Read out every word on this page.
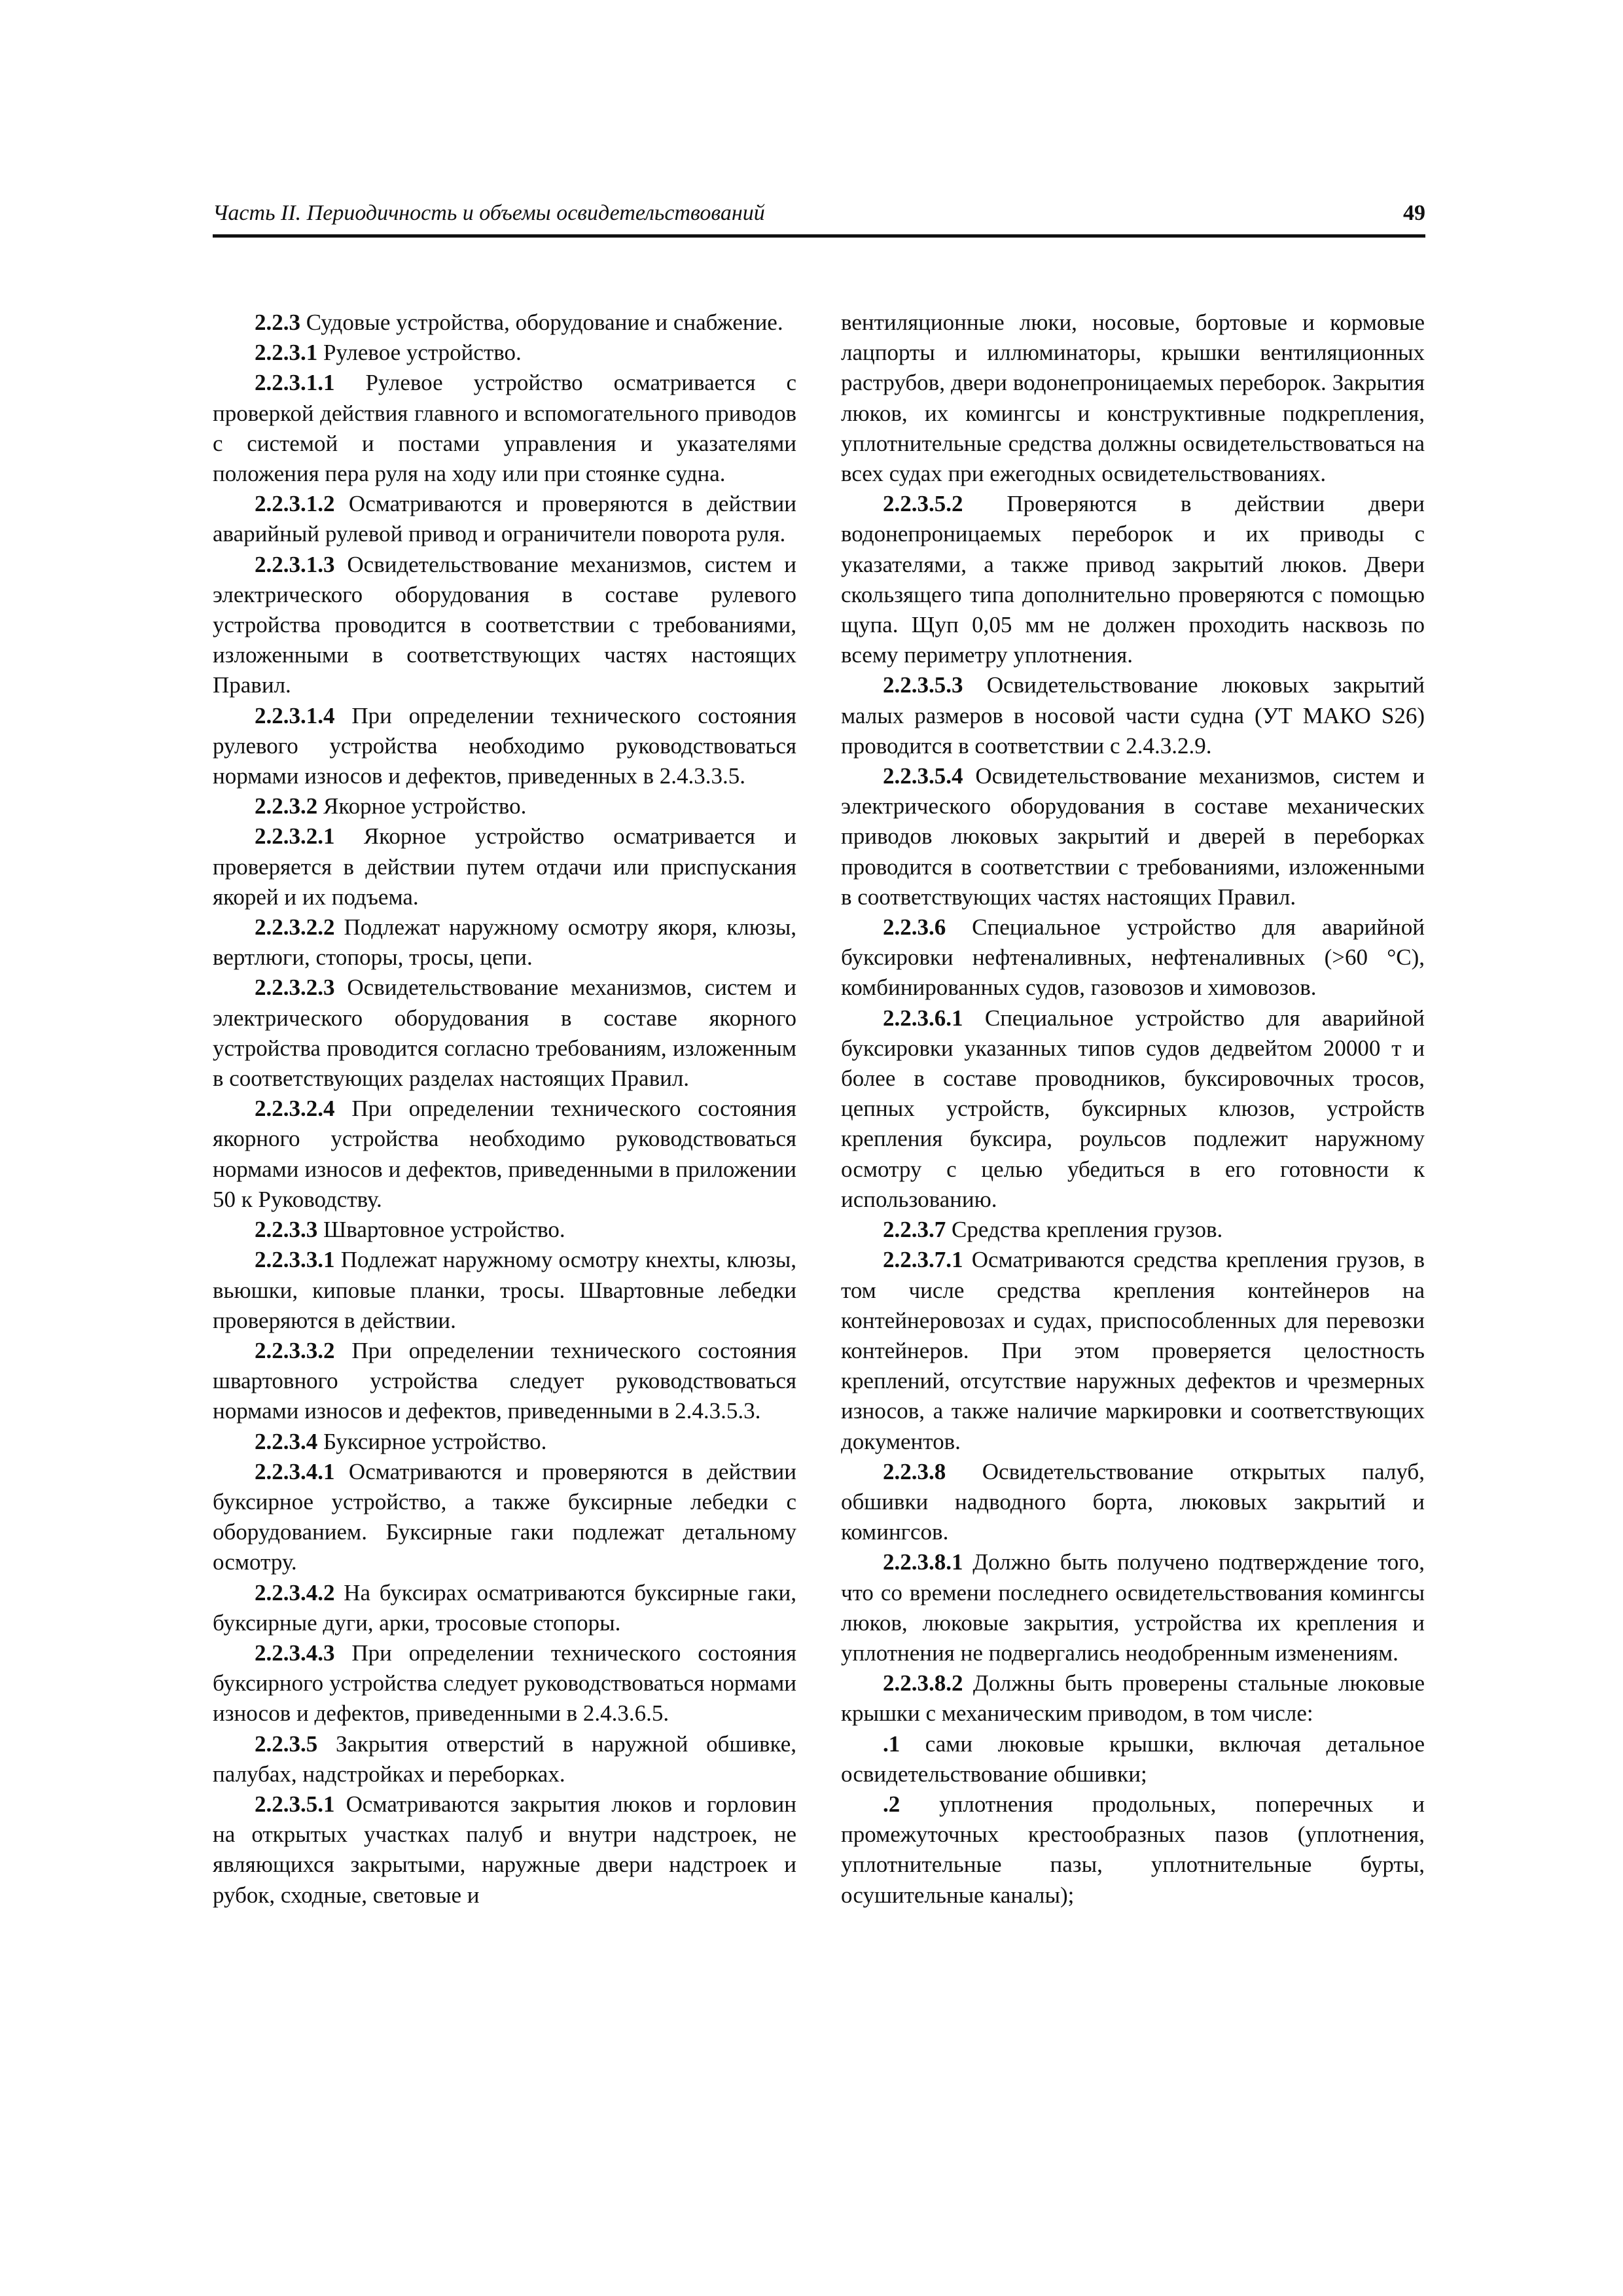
Часть II. Периодичность и объемы освидетельствований	49

2.2.3 Судовые устройства, оборудование и снабжение.

2.2.3.1 Рулевое устройство.

2.2.3.1.1 Рулевое устройство осматривается с проверкой действия главного и вспомогательного приводов с системой и постами управления и указателями положения пера руля на ходу или при стоянке судна.

2.2.3.1.2 Осматриваются и проверяются в действии аварийный рулевой привод и ограничители поворота руля.

2.2.3.1.3 Освидетельствование механизмов, систем и электрического оборудования в составе рулевого устройства проводится в соответствии с требованиями, изложенными в соответствующих частях настоящих Правил.

2.2.3.1.4 При определении технического состояния рулевого устройства необходимо руководствоваться нормами износов и дефектов, приведенных в 2.4.3.3.5.

2.2.3.2 Якорное устройство.

2.2.3.2.1 Якорное устройство осматривается и проверяется в действии путем отдачи или приспускания якорей и их подъема.

2.2.3.2.2 Подлежат наружному осмотру якоря, клюзы, вертлюги, стопоры, тросы, цепи.

2.2.3.2.3 Освидетельствование механизмов, систем и электрического оборудования в составе якорного устройства проводится согласно требованиям, изложенным в соответствующих разделах настоящих Правил.

2.2.3.2.4 При определении технического состояния якорного устройства необходимо руководствоваться нормами износов и дефектов, приведенными в приложении 50 к Руководству.

2.2.3.3 Швартовное устройство.

2.2.3.3.1 Подлежат наружному осмотру кнехты, клюзы, вьюшки, киповые планки, тросы. Швартовные лебедки проверяются в действии.

2.2.3.3.2 При определении технического состояния швартовного устройства следует руководствоваться нормами износов и дефектов, приведенными в 2.4.3.5.3.

2.2.3.4 Буксирное устройство.

2.2.3.4.1 Осматриваются и проверяются в действии буксирное устройство, а также буксирные лебедки с оборудованием. Буксирные гаки подлежат детальному осмотру.

2.2.3.4.2 На буксирах осматриваются буксирные гаки, буксирные дуги, арки, тросовые стопоры.

2.2.3.4.3 При определении технического состояния буксирного устройства следует руководствоваться нормами износов и дефектов, приведенными в 2.4.3.6.5.

2.2.3.5 Закрытия отверстий в наружной обшивке, палубах, надстройках и переборках.

2.2.3.5.1 Осматриваются закрытия люков и горловин на открытых участках палуб и внутри надстроек, не являющихся закрытыми, наружные двери надстроек и рубок, сходные, световые и

вентиляционные люки, носовые, бортовые и кормовые лацпорты и иллюминаторы, крышки вентиляционных раструбов, двери водонепроницаемых переборок. Закрытия люков, их комингсы и конструктивные подкрепления, уплотнительные средства должны освидетельствоваться на всех судах при ежегодных освидетельствованиях.

2.2.3.5.2 Проверяются в действии двери водонепроницаемых переборок и их приводы с указателями, а также привод закрытий люков. Двери скользящего типа дополнительно проверяются с помощью щупа. Щуп 0,05 мм не должен проходить насквозь по всему периметру уплотнения.

2.2.3.5.3 Освидетельствование люковых закрытий малых размеров в носовой части судна (УТ МАКО S26) проводится в соответствии с 2.4.3.2.9.

2.2.3.5.4 Освидетельствование механизмов, систем и электрического оборудования в составе механических приводов люковых закрытий и дверей в переборках проводится в соответствии с требованиями, изложенными в соответствующих частях настоящих Правил.

2.2.3.6 Специальное устройство для аварийной буксировки нефтеналивных, нефтеналивных (>60 °С), комбинированных судов, газовозов и химовозов.

2.2.3.6.1 Специальное устройство для аварийной буксировки указанных типов судов дедвейтом 20000 т и более в составе проводников, буксировочных тросов, цепных устройств, буксирных клюзов, устройств крепления буксира, роульсов подлежит наружному осмотру с целью убедиться в его готовности к использованию.

2.2.3.7 Средства крепления грузов.

2.2.3.7.1 Осматриваются средства крепления грузов, в том числе средства крепления контейнеров на контейнеровозах и судах, приспособленных для перевозки контейнеров. При этом проверяется целостность креплений, отсутствие наружных дефектов и чрезмерных износов, а также наличие маркировки и соответствующих документов.

2.2.3.8 Освидетельствование открытых палуб, обшивки надводного борта, люковых закрытий и комингсов.

2.2.3.8.1 Должно быть получено подтверждение того, что со времени последнего освидетельствования комингсы люков, люковые закрытия, устройства их крепления и уплотнения не подвергались неодобренным изменениям.

2.2.3.8.2 Должны быть проверены стальные люковые крышки с механическим приводом, в том числе:

.1 сами люковые крышки, включая детальное освидетельствование обшивки;

.2 уплотнения продольных, поперечных и промежуточных крестообразных пазов (уплотнения, уплотнительные пазы, уплотнительные бурты, осушительные каналы);
